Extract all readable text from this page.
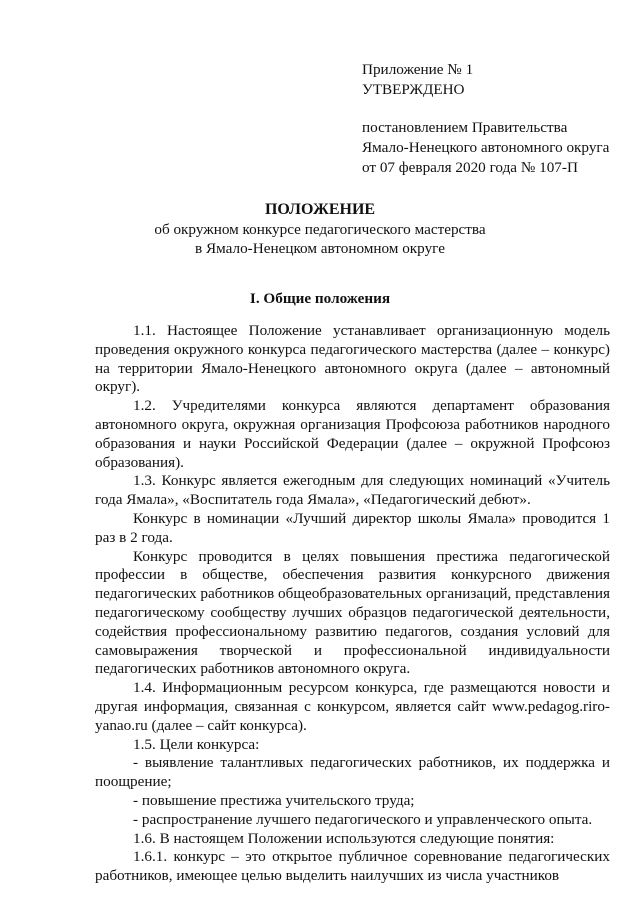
Приложение № 1
УТВЕРЖДЕНО
постановлением Правительства
Ямало-Ненецкого автономного округа
от 07 февраля 2020 года № 107-П
ПОЛОЖЕНИЕ
об окружном конкурсе педагогического мастерства
в Ямало-Ненецком автономном округе
I. Общие положения

1.1. Настоящее Положение устанавливает организационную модель проведения окружного конкурса педагогического мастерства (далее – конкурс) на территории Ямало-Ненецкого автономного округа (далее – автономный округ).

1.2. Учредителями конкурса являются департамент образования автономного округа, окружная организация Профсоюза работников народного образования и науки Российской Федерации (далее – окружной Профсоюз образования).

1.3. Конкурс является ежегодным для следующих номинаций «Учитель года Ямала», «Воспитатель года Ямала», «Педагогический дебют».

Конкурс в номинации «Лучший директор школы Ямала» проводится 1 раз в 2 года.

Конкурс проводится в целях повышения престижа педагогической профессии в обществе, обеспечения развития конкурсного движения педагогических работников общеобразовательных организаций, представления педагогическому сообществу лучших образцов педагогической деятельности, содействия профессиональному развитию педагогов, создания условий для самовыражения творческой и профессиональной индивидуальности педагогических работников автономного округа.

1.4. Информационным ресурсом конкурса, где размещаются новости и другая информация, связанная с конкурсом, является сайт www.pedagog.riro-yanao.ru (далее – сайт конкурса).

1.5. Цели конкурса:

- выявление талантливых педагогических работников, их поддержка и поощрение;

- повышение престижа учительского труда;

- распространение лучшего педагогического и управленческого опыта.

1.6. В настоящем Положении используются следующие понятия:

1.6.1. конкурс – это открытое публичное соревнование педагогических работников, имеющее целью выделить наилучших из числа участников
